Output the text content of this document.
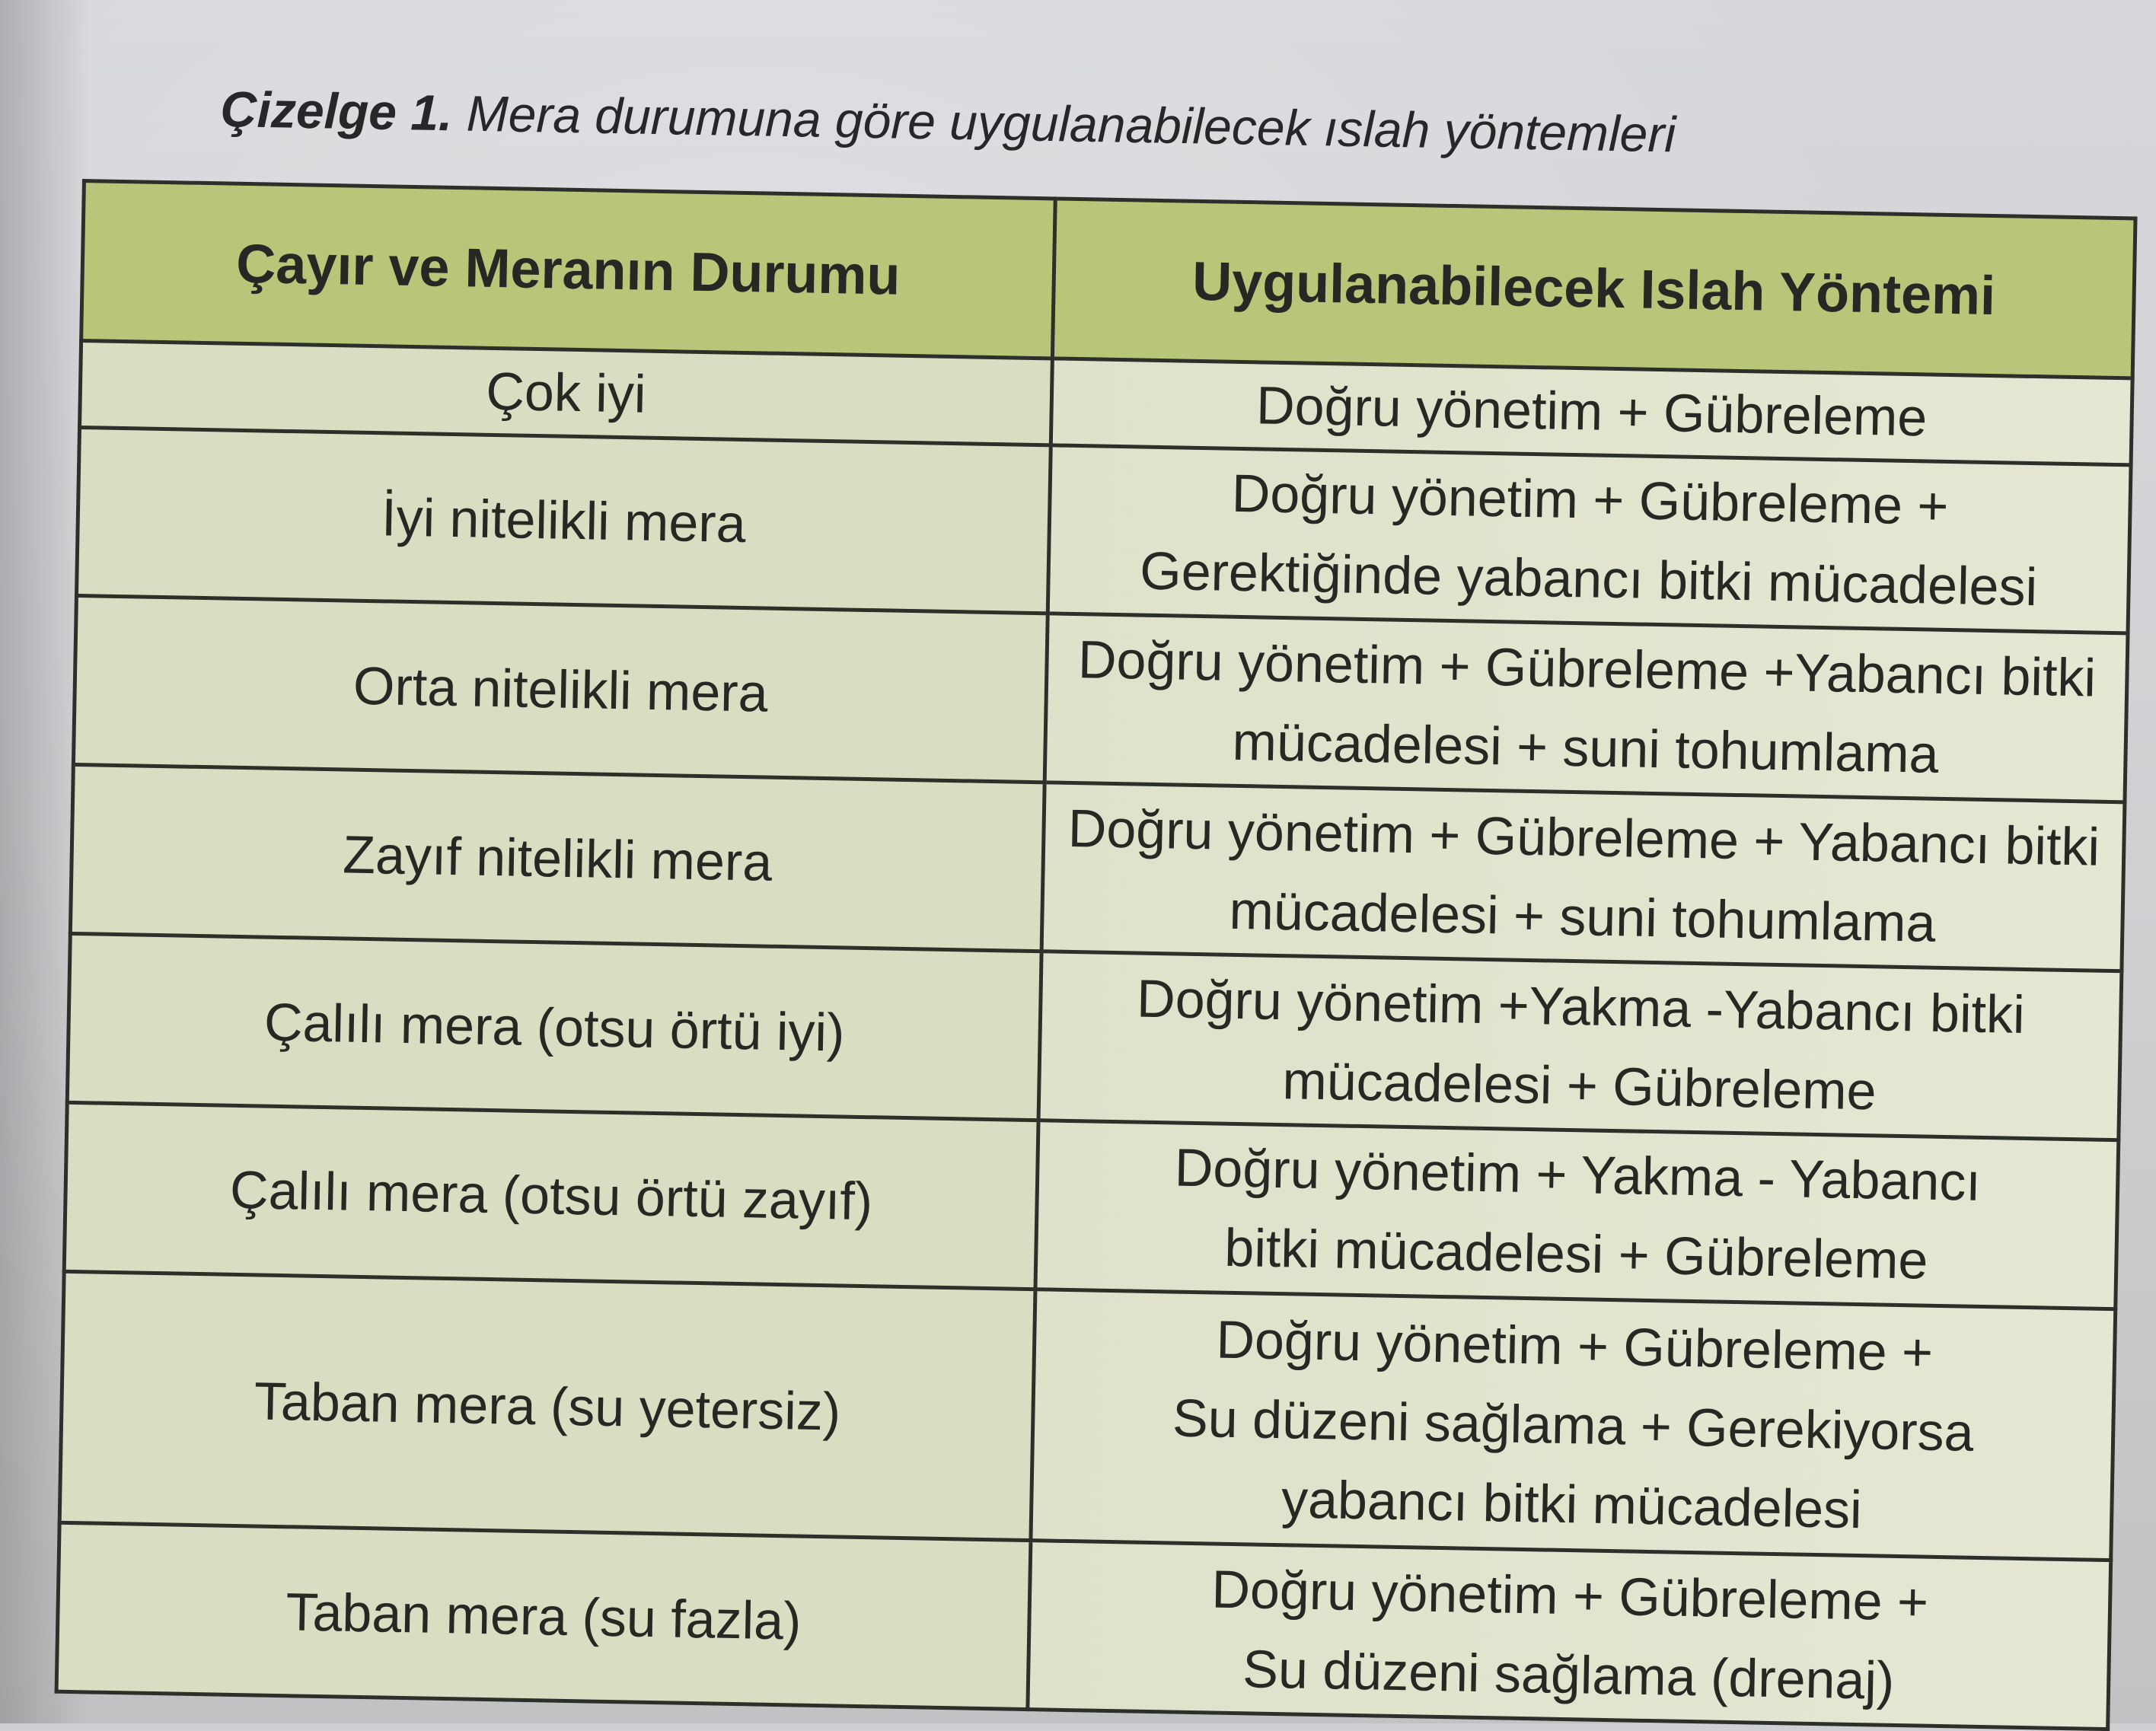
Çizelge 1. Mera durumuna göre uygulanabilecek ıslah yöntemleri
Çayır ve Meranın Durumu	Uygulanabilecek Islah Yöntemi
Çok iyi	Doğru yönetim + Gübreleme

İyi nitelikli mera	Doğru yönetim + Gübreleme +
Gerektiğinde yabancı bitki mücadelesi

Orta nitelikli mera	Doğru yönetim + Gübreleme +Yabancı bitki
mücadelesi + suni tohumlama

Zayıf nitelikli mera	Doğru yönetim + Gübreleme + Yabancı bitki
mücadelesi + suni tohumlama

Çalılı mera (otsu örtü iyi)	Doğru yönetim +Yakma -Yabancı bitki
mücadelesi + Gübreleme

Çalılı mera (otsu örtü zayıf)	Doğru yönetim + Yakma - Yabancı
bitki mücadelesi + Gübreleme

Taban mera (su yetersiz)	Doğru yönetim + Gübreleme +
Su düzeni sağlama + Gerekiyorsa
yabancı bitki mücadelesi

Taban mera (su fazla)	Doğru yönetim + Gübreleme +
Su düzeni sağlama (drenaj)
